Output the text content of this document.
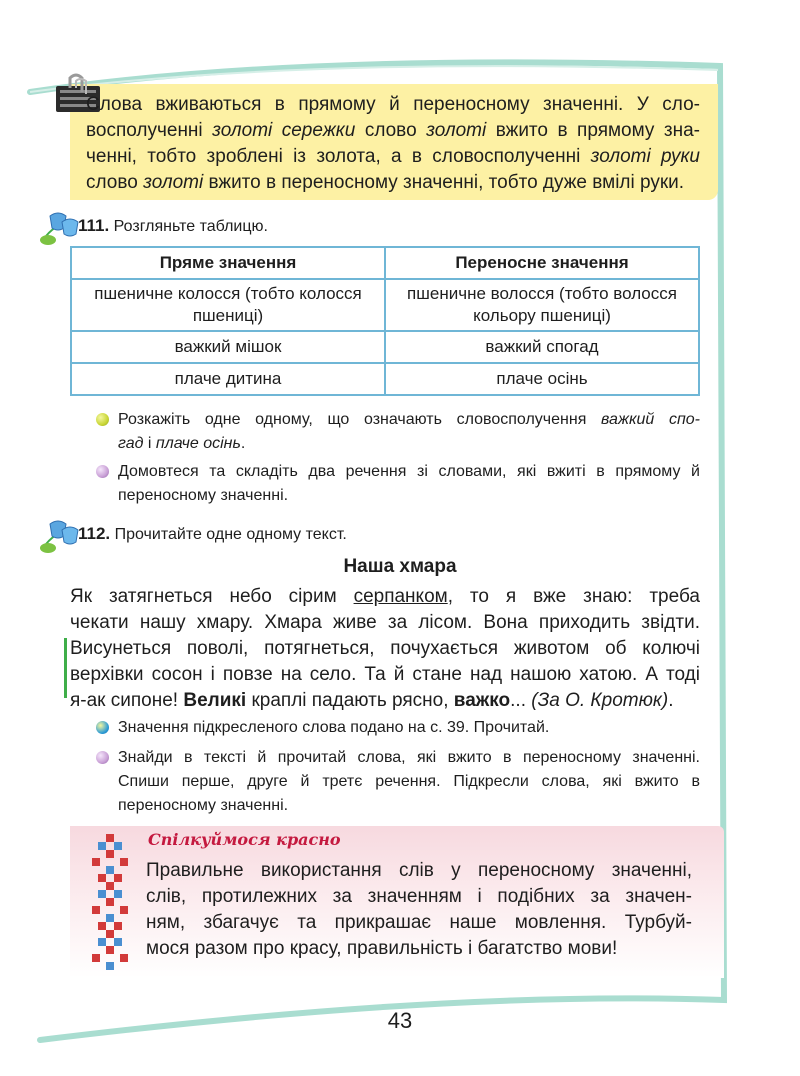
Слова вживаються в прямому й переносному значенні. У сло-
восполученні золоті сережки слово золоті вжито в прямому зна-
ченні, тобто зроблені із золота, а в словосполученні золоті руки
слово золоті вжито в переносному значенні, тобто дуже вмілі руки.
111. Розгляньте таблицю.
Пряме значення	Переносне значення
пшеничне колосся (тобто колосся пшениці)	пшеничне волосся (тобто волосся кольору пшениці)
важкий мішок	важкий спогад
плаче дитина	плаче осінь
Розкажіть одне одному, що означають словосполучення важкий спо-
гад і плаче осінь.
Домовтеся та складіть два речення зі словами, які вжиті в прямому й
переносному значенні.
112. Прочитайте одне одному текст.
Наша хмара
Як затягнеться небо сірим серпанком, то я вже знаю: треба
чекати нашу хмару. Хмара живе за лісом. Вона приходить звідти.
Висунеться поволі, потягнеться, почухається животом об колючі
верхівки сосон і повзе на село. Та й стане над нашою хатою. А тоді
я-ак сипоне! Великі краплі падають рясно, важко... (За О. Кротюк).
Значення підкресленого слова подано на с. 39. Прочитай.
Знайди в тексті й прочитай слова, які вжито в переносному значенні.
Спиши перше, друге й третє речення. Підкресли слова, які вжито в
переносному значенні.
Спілкуймося красно
Правильне використання слів у переносному значенні,
слів, протилежних за значенням і подібних за значен-
ням, збагачує та прикрашає наше мовлення. Турбуй-
мося разом про красу, правильність і багатство мови!
43
